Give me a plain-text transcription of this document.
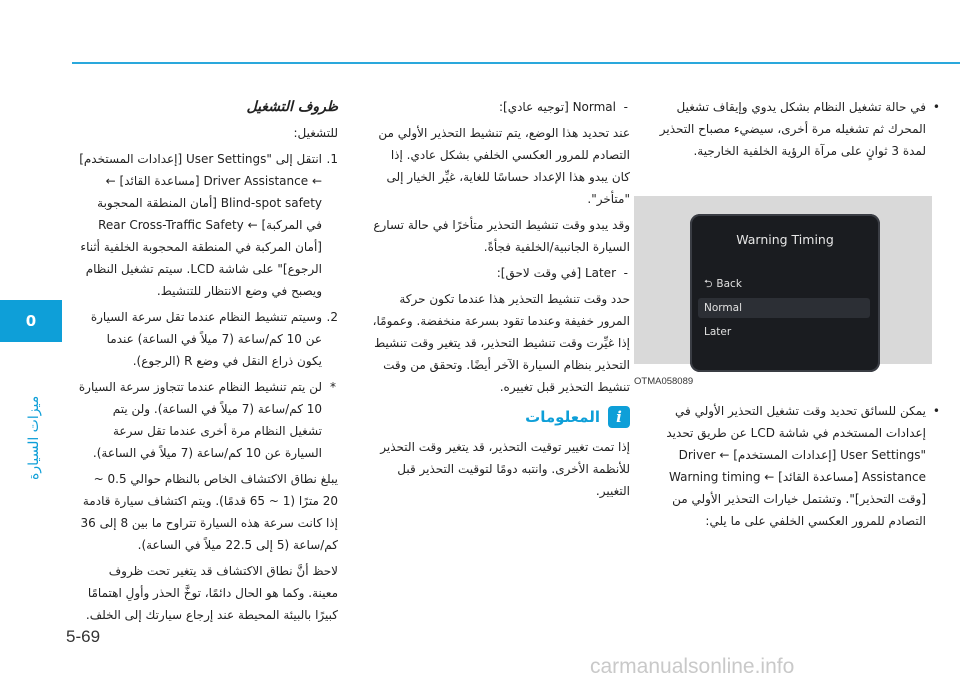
0
ميزات السيارة

• في حالة تشغيل النظام بشكل يدوي وإيقاف تشغيل المحرك ثم تشغيله مرة أخرى، سيضيء مصباح التحذير لمدة 3 ثوانٍ على مرآة الرؤية الخلفية الخارجية.

Warning Timing
⮌ Back
Normal
Later
OTMA058089

• يمكن للسائق تحديد وقت تشغيل التحذير الأولي في إعدادات المستخدم في شاشة LCD عن طريق تحديد "User Settings [إعدادات المستخدم] ← Driver Assistance [مساعدة القائد] ← Warning timing [وقت التحذير]". وتشتمل خيارات التحذير الأولي من التصادم للمرور العكسي الخلفي على ما يلي:

- Normal [توجيه عادي]:

عند تحديد هذا الوضع، يتم تنشيط التحذير الأولي من التصادم للمرور العكسي الخلفي بشكل عادي. إذا كان يبدو هذا الإعداد حساسًا للغاية، غيِّر الخيار إلى "متأخر".

وقد يبدو وقت تنشيط التحذير متأخرًا في حالة تسارع السيارة الجانبية/الخلفية فجأةً.

- Later [في وقت لاحق]:

حدد وقت تنشيط التحذير هذا عندما تكون حركة المرور خفيفة وعندما تقود بسرعة منخفضة. وعمومًا، إذا غيِّرت وقت تنشيط التحذير، قد يتغير وقت تنشيط التحذير بنظام السيارة الآخر أيضًا. وتحقق من وقت تنشيط التحذير قبل تغييره.

i
المعلومات

إذا تمت تغيير توقيت التحذير، قد يتغير وقت التحذير للأنظمة الأخرى. وانتبه دومًا لتوقيت التحذير قبل التغيير.

ظروف التشغيل

للتشغيل:

1.
انتقل إلى "User Settings [إعدادات المستخدم] ← Driver Assistance [مساعدة القائد] ← Blind-spot safety [أمان المنطقة المحجوبة في المركبة] ← Rear Cross-Traffic Safety [أمان المركبة في المنطقة المحجوبة الخلفية أثناء الرجوع]" على شاشة LCD. سيتم تشغيل النظام ويصبح في وضع الانتظار للتنشيط.

2.
وسيتم تنشيط النظام عندما تقل سرعة السيارة عن 10 كم/ساعة (7 ميلاً في الساعة) عندما يكون ذراع النقل في وضع R (الرجوع).

* لن يتم تنشيط النظام عندما تتجاوز سرعة السيارة 10 كم/ساعة (7 ميلاً في الساعة). ولن يتم تشغيل النظام مرة أخرى عندما تقل سرعة السيارة عن 10 كم/ساعة (7 ميلاً في الساعة).

يبلغ نطاق الاكتشاف الخاص بالنظام حوالي 0.5 ~ 20 مترًا (1 ~ 65 قدمًا). ويتم اكتشاف سيارة قادمة إذا كانت سرعة هذه السيارة تتراوح ما بين 8 إلى 36 كم/ساعة (5 إلى 22.5 ميلاً في الساعة).

لاحظ أنَّ نطاق الاكتشاف قد يتغير تحت ظروف معينة. وكما هو الحال دائمًا، توخَّ الحذر وأولِ اهتمامًا كبيرًا بالبيئة المحيطة عند إرجاع سيارتك إلى الخلف.

5-69
carmanualsonline.info
